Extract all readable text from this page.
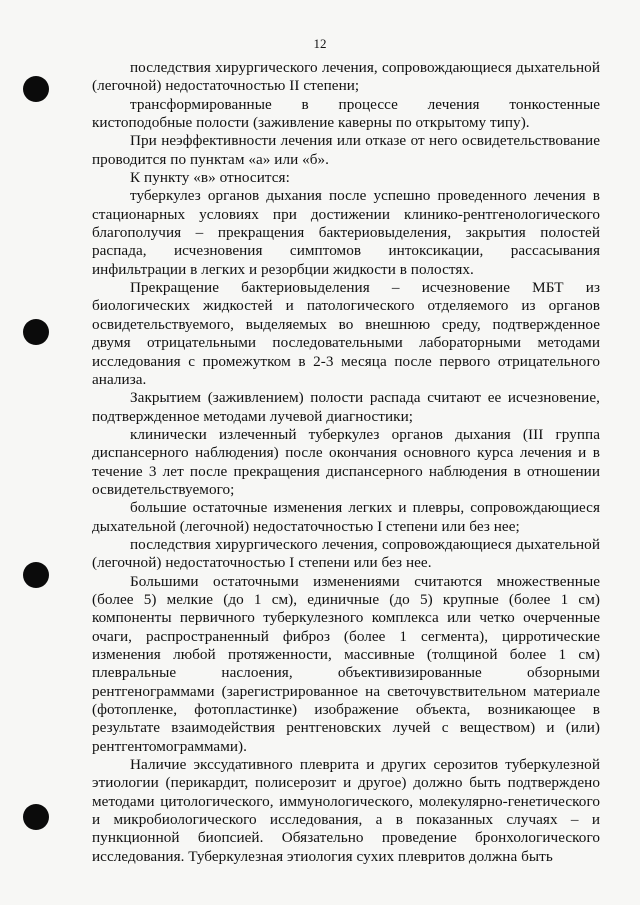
12

последствия хирургического лечения, сопровождающиеся дыхательной (легочной) недостаточностью II степени;

трансформированные в процессе лечения тонкостенные кистоподобные полости (заживление каверны по открытому типу).

При неэффективности лечения или отказе от него освидетельствование проводится по пунктам «а» или «б».

К пункту «в» относится:

туберкулез органов дыхания после успешно проведенного лечения в стационарных условиях при достижении клинико-рентгенологического благополучия – прекращения бактериовыделения, закрытия полостей распада, исчезновения симптомов интоксикации, рассасывания инфильтрации в легких и резорбции жидкости в полостях.

Прекращение бактериовыделения – исчезновение МБТ из биологических жидкостей и патологического отделяемого из органов освидетельствуемого, выделяемых во внешнюю среду, подтвержденное двумя отрицательными последовательными лабораторными методами исследования с промежутком в 2-3 месяца после первого отрицательного анализа.

Закрытием (заживлением) полости распада считают ее исчезновение, подтвержденное методами лучевой диагностики;

клинически излеченный туберкулез органов дыхания (III группа диспансерного наблюдения) после окончания основного курса лечения и в течение 3 лет после прекращения диспансерного наблюдения в отношении освидетельствуемого;

большие остаточные изменения легких и плевры, сопровождающиеся дыхательной (легочной) недостаточностью I степени или без нее;

последствия хирургического лечения, сопровождающиеся дыхательной (легочной) недостаточностью I степени или без нее.

Большими остаточными изменениями считаются множественные (более 5) мелкие (до 1 см), единичные (до 5) крупные (более 1 см) компоненты первичного туберкулезного комплекса или четко очерченные очаги, распространенный фиброз (более 1 сегмента), цирротические изменения любой протяженности, массивные (толщиной более 1 см) плевральные наслоения, объективизированные обзорными рентгенограммами (зарегистрированное на светочувствительном материале (фотопленке, фотопластинке) изображение объекта, возникающее в результате взаимодействия рентгеновских лучей с веществом) и (или) рентгентомограммами).

Наличие экссудативного плеврита и других серозитов туберкулезной этиологии (перикардит, полисерозит и другое) должно быть подтверждено методами цитологического, иммунологического, молекулярно-генетического и микробиологического исследования, а в показанных случаях – и пункционной биопсией. Обязательно проведение бронхологического исследования. Туберкулезная этиология сухих плевритов должна быть
